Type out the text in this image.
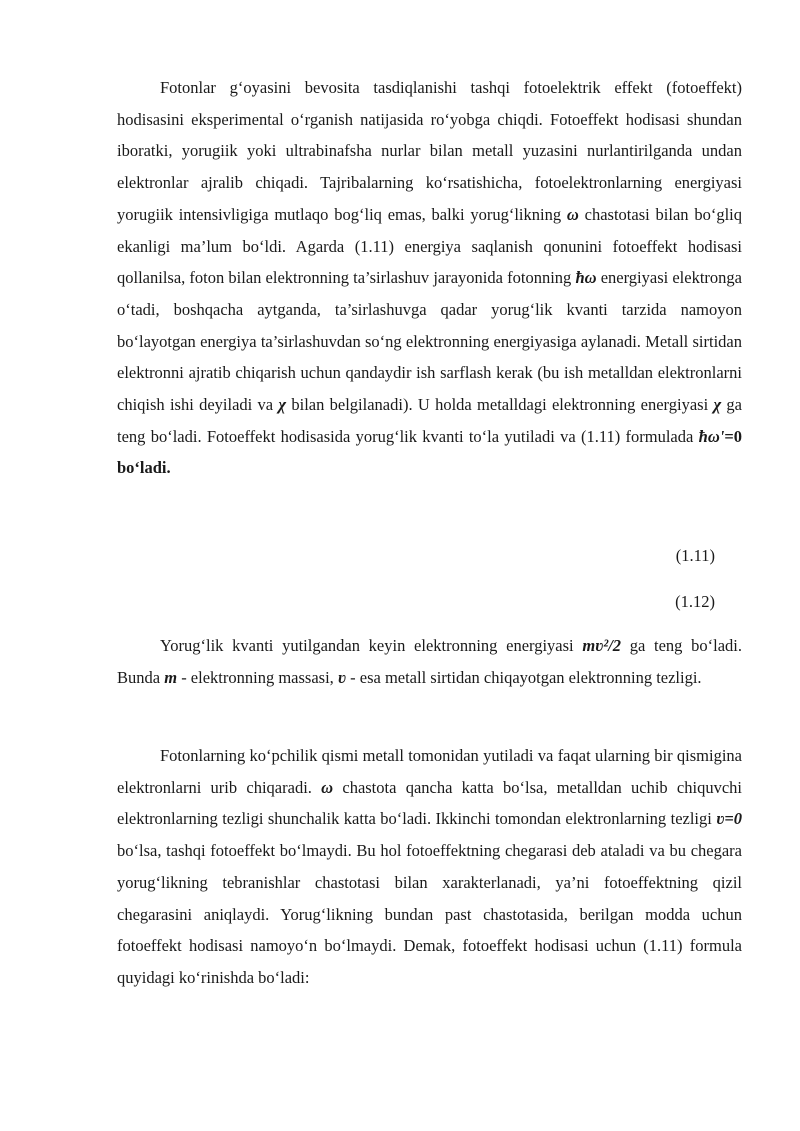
Fotonlar g‘oyasini bevosita tasdiqlanishi tashqi fotoelektrik effekt (fotoeffekt) hodisasini eksperimental o‘rganish natijasida ro‘yobga chiqdi. Fotoeffekt hodisasi shundan iboratki, yorugiik yoki ultrabinafsha nurlar bilan metall yuzasini nurlantirilganda undan elektronlar ajralib chiqadi. Tajribalarning ko‘rsatishicha, fotoelektronlarning energiyasi yorugiik intensivligiga mutlaqo bog‘liq emas, balki yorug‘likning ω chastotasi bilan bo‘gliq ekanligi ma’lum bo‘ldi. Agarda (1.11) energiya saqlanish qonunini fotoeffekt hodisasi qollanilsa, foton bilan elektronning ta’sirlashuv jarayonida fotonning ħω energiyasi elektronga o‘tadi, boshqacha aytganda, ta’sirlashuvga qadar yorug‘lik kvanti tarzida namoyon bo‘layotgan energiya ta’sirlashuvdan so‘ng elektronning energiyasiga aylanadi. Metall sirtidan elektronni ajratib chiqarish uchun qandaydir ish sarflash kerak (bu ish metalldan elektronlarni chiqish ishi deyiladi va χ bilan belgilanadi). U holda metalldagi elektronning energiyasi χ ga teng bo‘ladi. Fotoeffekt hodisasida yorug‘lik kvanti to‘la yutiladi va (1.11) formulada ħω'=0 bo‘ladi.

(1.11)

(1.12)

Yorug‘lik kvanti yutilgandan keyin elektronning energiyasi mʋ²/2 ga teng bo‘ladi. Bunda m - elektronning massasi, ʋ - esa metall sirtidan chiqayotgan elektronning tezligi.

Fotonlarning ko‘pchilik qismi metall tomonidan yutiladi va faqat ularning bir qismigina elektronlarni urib chiqaradi. ω chastota qancha katta bo‘lsa, metalldan uchib chiquvchi elektronlarning tezligi shunchalik katta bo‘ladi. Ikkinchi tomondan elektronlarning tezligi ʋ=0 bo‘lsa, tashqi fotoeffekt bo‘lmaydi. Bu hol fotoeffektning chegarasi deb ataladi va bu chegara yorug‘likning tebranishlar chastotasi bilan xarakterlanadi, ya’ni fotoeffektning qizil chegarasini aniqlaydi. Yorug‘likning bundan past chastotasida, berilgan modda uchun fotoeffekt hodisasi namoyo‘n bo‘lmaydi. Demak, fotoeffekt hodisasi uchun (1.11) formula quyidagi ko‘rinishda bo‘ladi:
